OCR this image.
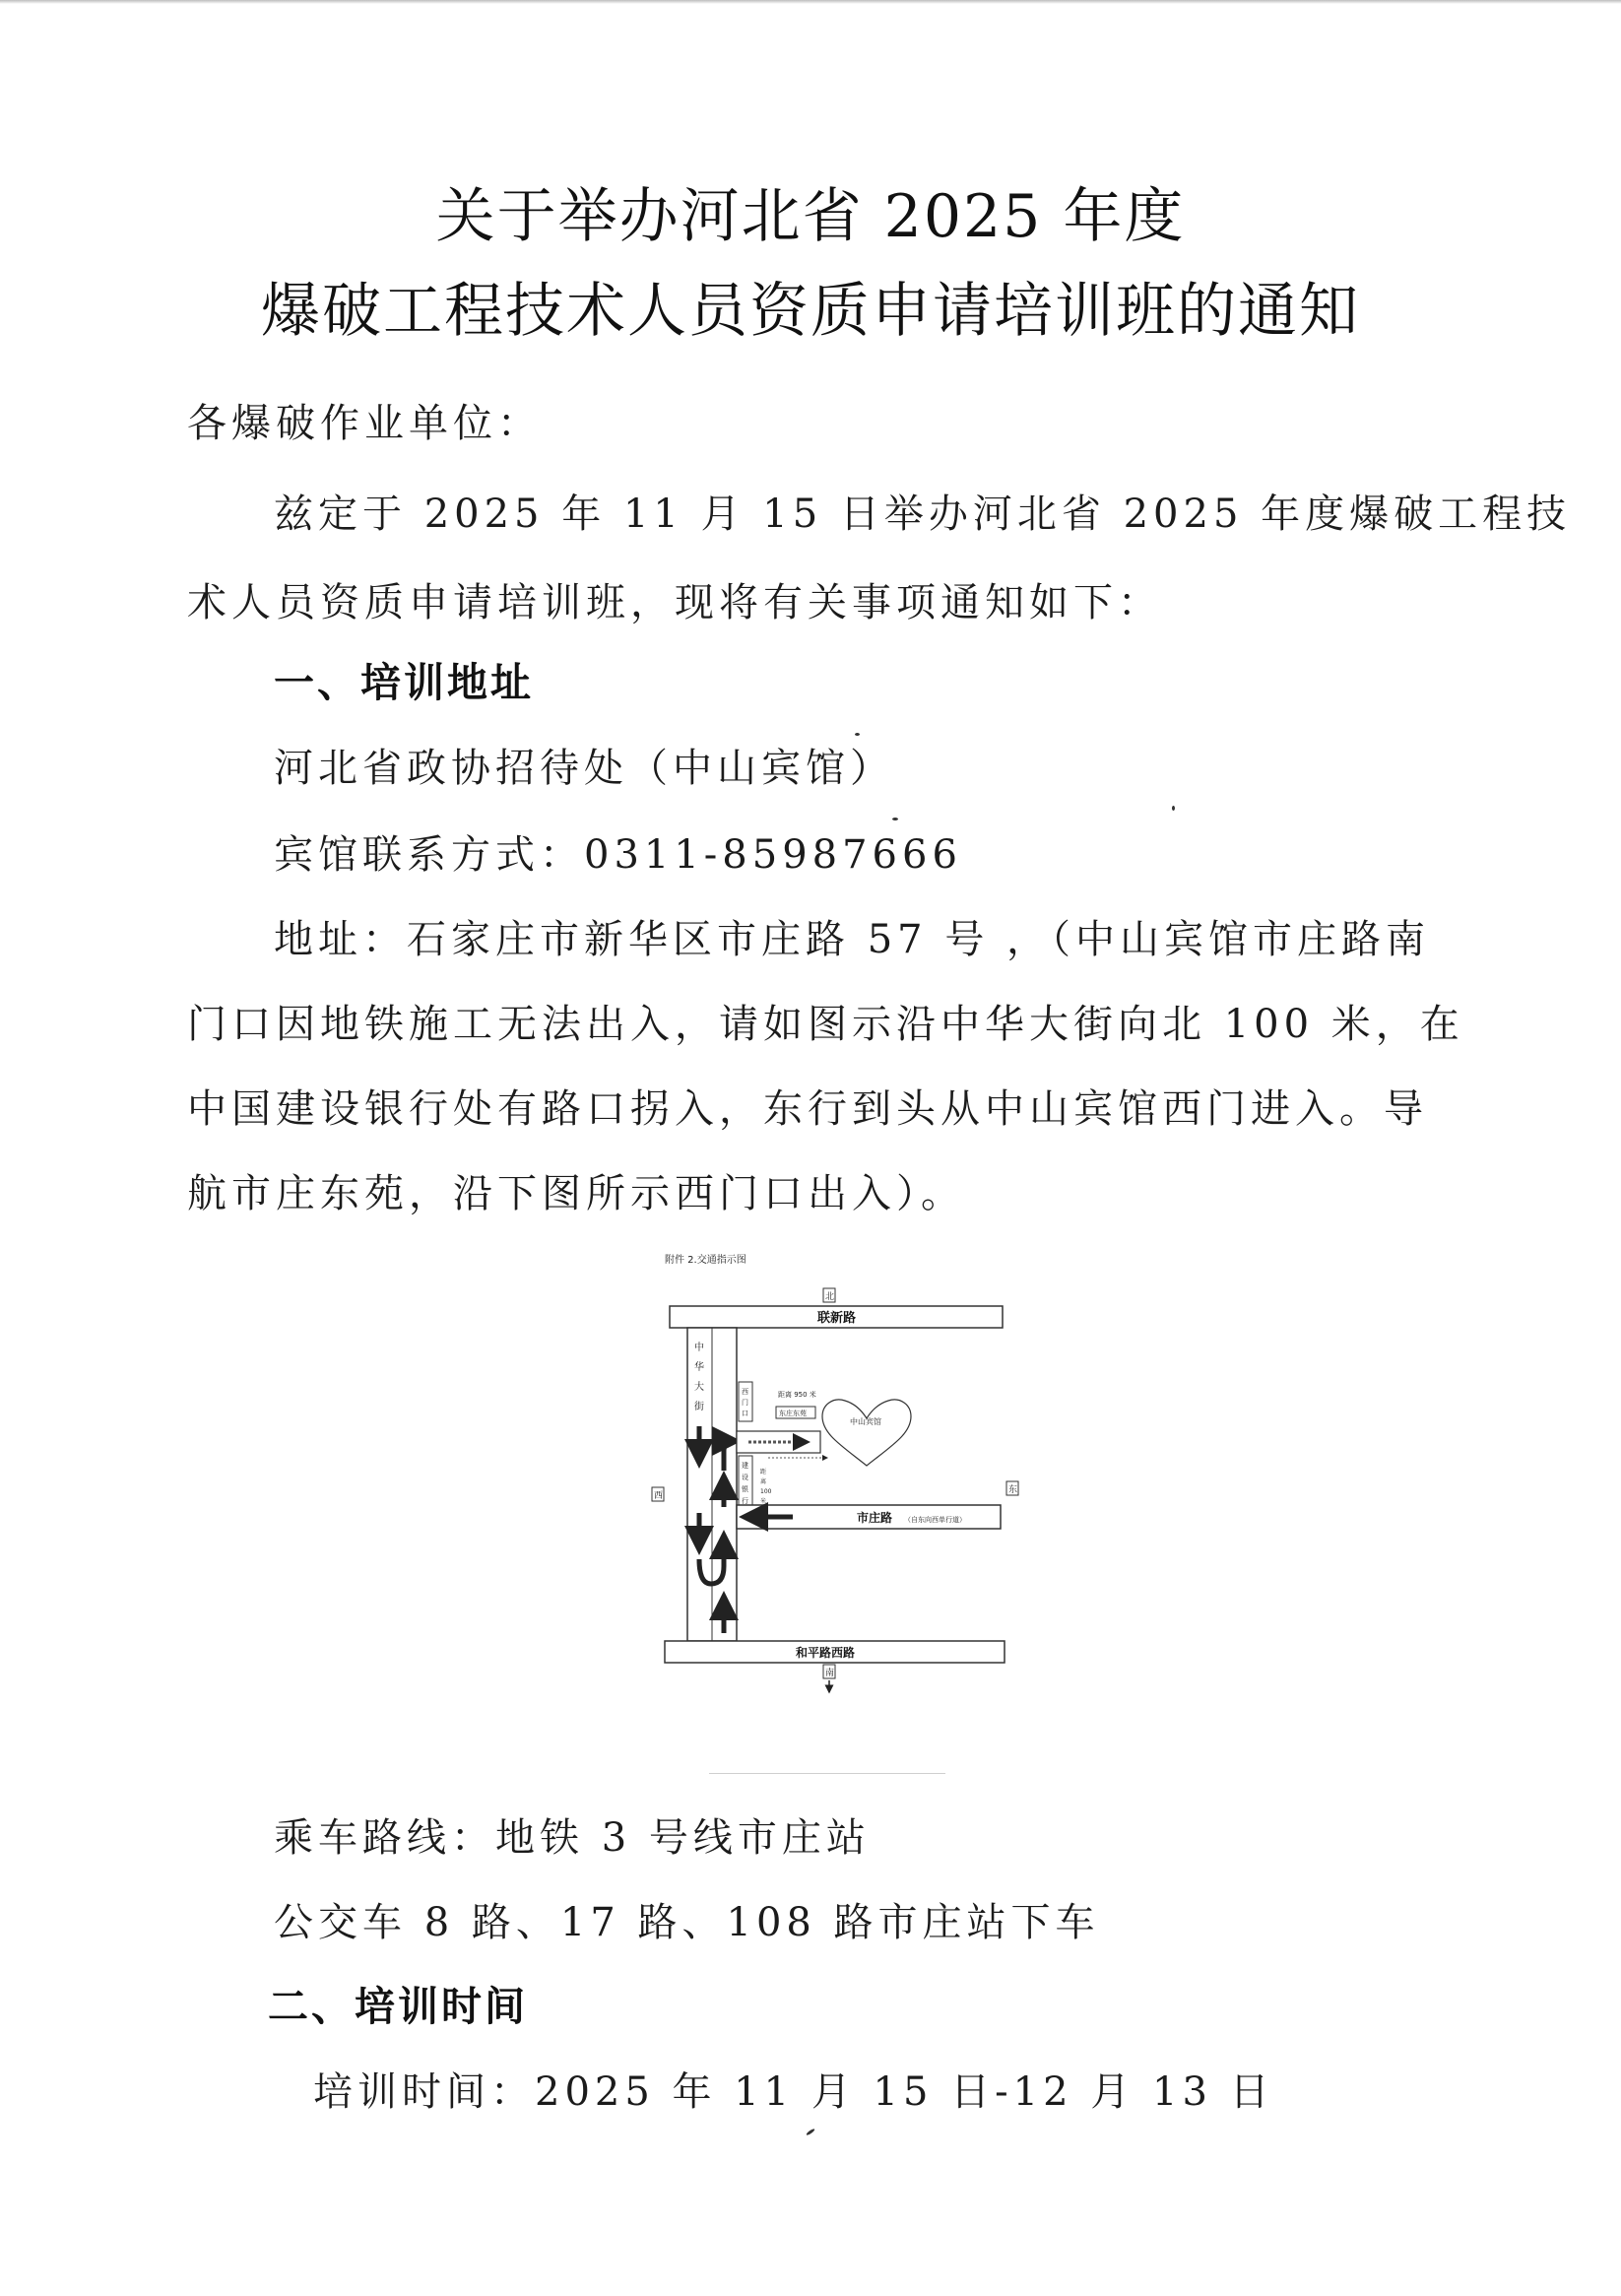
关于举办河北省 2025 年度
爆破工程技术人员资质申请培训班的通知
各爆破作业单位：
兹定于 2025 年 11 月 15 日举办河北省 2025 年度爆破工程技
术人员资质申请培训班，现将有关事项通知如下：
一、培训地址
河北省政协招待处（中山宾馆）
宾馆联系方式：0311-85987666
地址：石家庄市新华区市庄路 57 号 ，（中山宾馆市庄路南
门口因地铁施工无法出入，请如图示沿中华大街向北 100 米，在
中国建设银行处有路口拐入，东行到头从中山宾馆西门进入。导
航市庄东苑，沿下图所示西门口出入）。
附件 2.交通指示图
北
联新路
中
华
大
街
西
门
口
距离 950 米
东庄东苑
中山宾馆
建
设
银
行
距
离
100
米
市庄路 （自东向西单行道）
西
东
和平路西路
南
乘车路线：地铁 3 号线市庄站
公交车 8 路、17 路、108 路市庄站下车
二、培训时间
培训时间：2025 年 11 月 15 日-12 月 13 日
